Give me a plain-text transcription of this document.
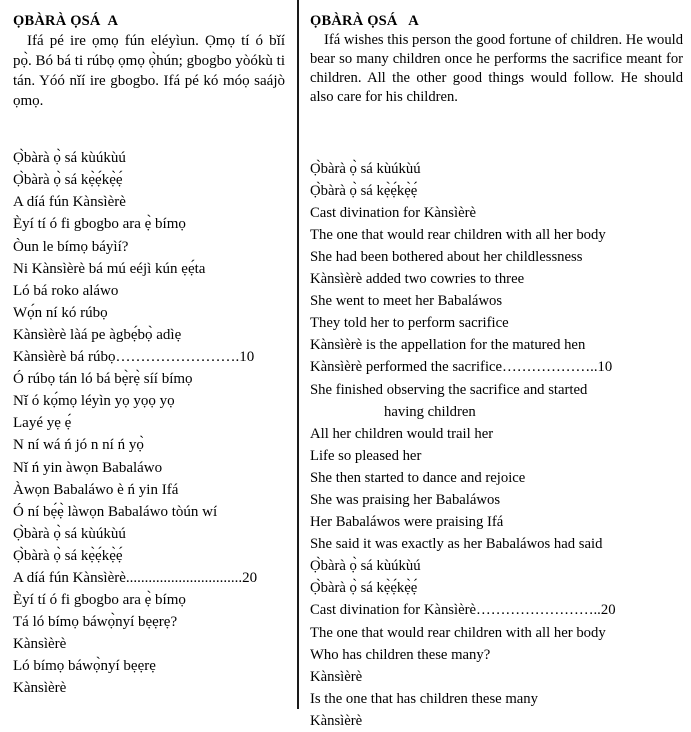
ỌBÀRÀ ỌSÁ  A

Ifá pé ire ọmọ fún eléyìun. Ọmọ tí ó bǐí pọ̀. Bó bá ti rúbọ ọmọ ọ̀hún; gbogbo yòókù ti tán. Yóó nǐí ire gbogbo. Ifá pé kó móọ saájò ọmọ.

Ọ̀bàrà ọ̀ sá kùúkùú
Ọ̀bàrà ọ̀ sá kẹ̀ẹ́kẹ̀ẹ́
A díá fún Kànsìèrè
Èyí tí ó fi gbogbo ara ẹ̀ bímọ
Òun le bímọ báyìí?
Ni Kànsìèrè bá mú eéjì kún ẹẹ́ta
Ló bá roko aláwo
Wọ́n ní kó rúbọ
Kànsìèrè làá pe àgbẹ́bọ̀ adìẹ
Kànsìèrè bá rúbọ…………………….10
Ó rúbọ tán ló bá bẹ̀rẹ̀ síí bímọ
Nǐ ó kọ́mọ léyìn yọ yọọ yọ
Layé yẹ ẹ́
N ní wá ń jó n ní ń yọ̀
Nǐ ń yin àwọn Babaláwo
Àwọn Babaláwo è ń yin Ifá
Ó ní bẹ́ẹ̀ làwọn Babaláwo tòún wí
Ọ̀bàrà ọ̀ sá kùúkùú
Ọ̀bàrà ọ̀ sá kẹ̀ẹ́kẹ̀ẹ́
A díá fún Kànsìèrè...............................20
Èyí tí ó fi gbogbo ara ẹ̀ bímọ
Tá ló bímọ báwọ̀nyí bẹẹrẹ?
Kànsìèrè
Ló bímọ báwọ̀nyí bẹẹrẹ
Kànsìèrè
ỌBÀRÀ ỌSÁ   A

Ifá wishes this person the good fortune of children. He would bear so many children once he performs the sacrifice meant for children. All the other good things would follow. He should also care for his children.

Ọ̀bàrà ọ̀ sá kùúkùú
Ọ̀bàrà ọ̀ sá kẹ̀ẹ́kẹ̀ẹ́
Cast divination for Kànsìèrè
The one that would rear children with all her body
She had been bothered about her childlessness
Kànsìèrè added two cowries to three
She went to meet her Babaláwos
They told her to perform sacrifice
Kànsìèrè is the appellation for the matured hen
Kànsìèrè performed the sacrifice………………..10
She finished observing the sacrifice and started
having children
All her children would trail her
Life so pleased her
She then started to dance and rejoice
She was praising her Babaláwos
Her Babaláwos were praising Ifá
She said it was exactly as her Babaláwos had said
Ọ̀bàrà ọ̀ sá kùúkùú
Ọ̀bàrà ọ̀ sá kẹ̀ẹ́kẹ̀ẹ́
Cast divination for Kànsìèrè……………………..20
The one that would rear children with all her body
Who has children these many?
Kànsìèrè
Is the one that has children these many
Kànsìèrè
